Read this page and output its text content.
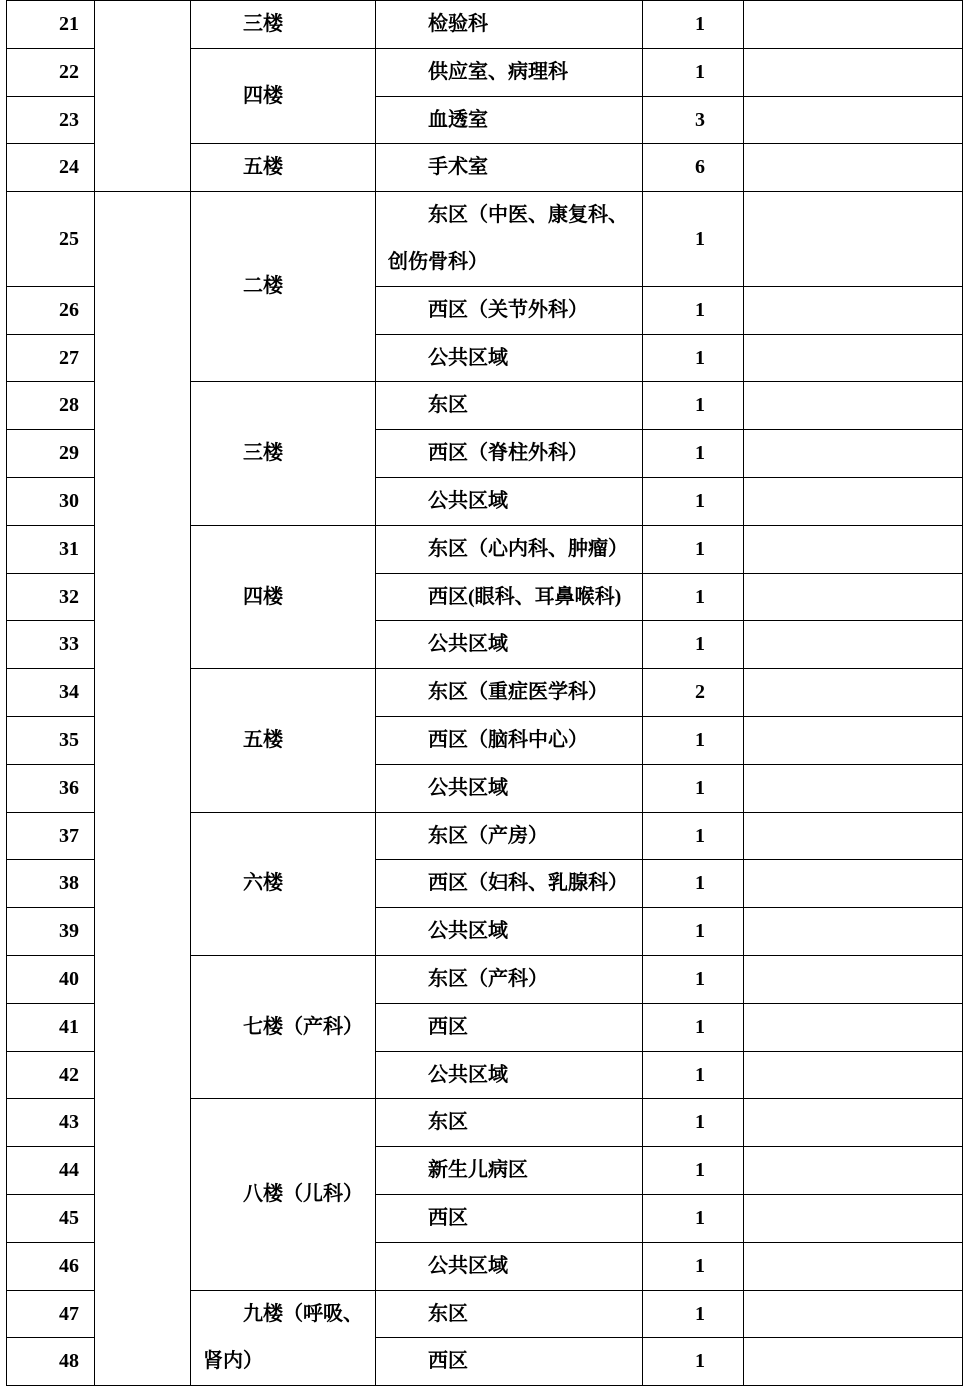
21		三楼	检验科	1	
22		四楼	供应室、病理科	1	
23			血透室	3	
24		五楼	手术室	6	
25		二楼	东区（中医、康复科、
创伤骨科）	1	
26			西区（关节外科）	1	
27			公共区域	1	
28		三楼	东区	1	
29			西区（脊柱外科）	1	
30			公共区域	1	
31		四楼	东区（心内科、肿瘤）	1	
32			西区(眼科、耳鼻喉科)	1	
33			公共区域	1	
34		五楼	东区（重症医学科）	2	
35			西区（脑科中心）	1	
36			公共区域	1	
37		六楼	东区（产房）	1	
38			西区（妇科、乳腺科）	1	
39			公共区域	1	
40		七楼（产科）	东区（产科）	1	
41			西区	1	
42			公共区域	1	
43		八楼（儿科）	东区	1	
44			新生儿病区	1	
45			西区	1	
46			公共区域	1	
47		九楼（呼吸、
肾内）	东区	1	
48			西区	1	
